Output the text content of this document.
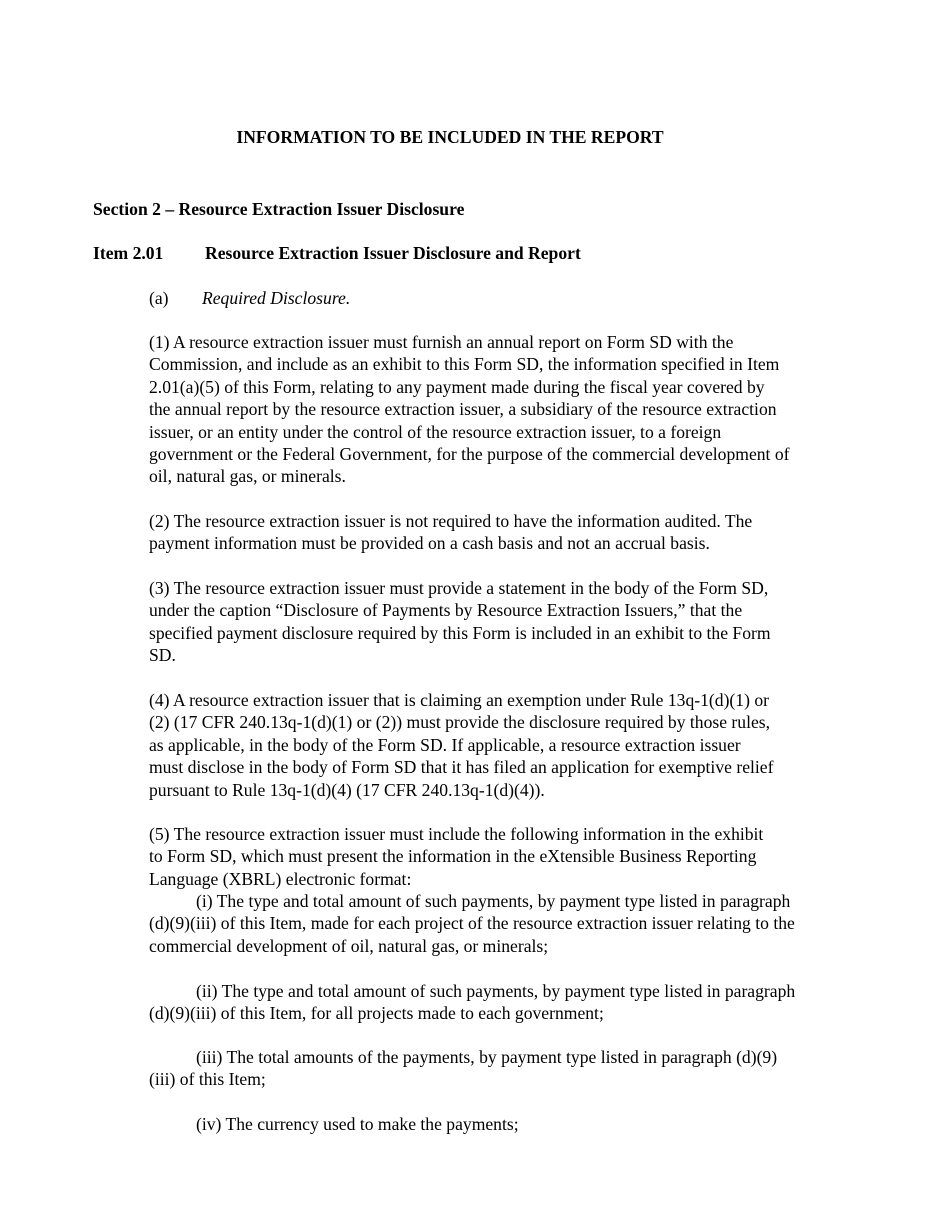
INFORMATION TO BE INCLUDED IN THE REPORT
Section 2 – Resource Extraction Issuer Disclosure
Item 2.01 Resource Extraction Issuer Disclosure and Report
(a) Required Disclosure.
(1) A resource extraction issuer must furnish an annual report on Form SD with the
Commission, and include as an exhibit to this Form SD, the information specified in Item
2.01(a)(5) of this Form, relating to any payment made during the fiscal year covered by
the annual report by the resource extraction issuer, a subsidiary of the resource extraction
issuer, or an entity under the control of the resource extraction issuer, to a foreign
government or the Federal Government, for the purpose of the commercial development of
oil, natural gas, or minerals.
(2) The resource extraction issuer is not required to have the information audited. The
payment information must be provided on a cash basis and not an accrual basis.
(3) The resource extraction issuer must provide a statement in the body of the Form SD,
under the caption “Disclosure of Payments by Resource Extraction Issuers,” that the
specified payment disclosure required by this Form is included in an exhibit to the Form
SD.
(4) A resource extraction issuer that is claiming an exemption under Rule 13q-1(d)(1) or
(2) (17 CFR 240.13q-1(d)(1) or (2)) must provide the disclosure required by those rules,
as applicable, in the body of the Form SD. If applicable, a resource extraction issuer
must disclose in the body of Form SD that it has filed an application for exemptive relief
pursuant to Rule 13q-1(d)(4) (17 CFR 240.13q-1(d)(4)).
(5) The resource extraction issuer must include the following information in the exhibit
to Form SD, which must present the information in the eXtensible Business Reporting
Language (XBRL) electronic format:
(i) The type and total amount of such payments, by payment type listed in paragraph
(d)(9)(iii) of this Item, made for each project of the resource extraction issuer relating to the
commercial development of oil, natural gas, or minerals;
(ii) The type and total amount of such payments, by payment type listed in paragraph
(d)(9)(iii) of this Item, for all projects made to each government;
(iii) The total amounts of the payments, by payment type listed in paragraph (d)(9)
(iii) of this Item;
(iv) The currency used to make the payments;
